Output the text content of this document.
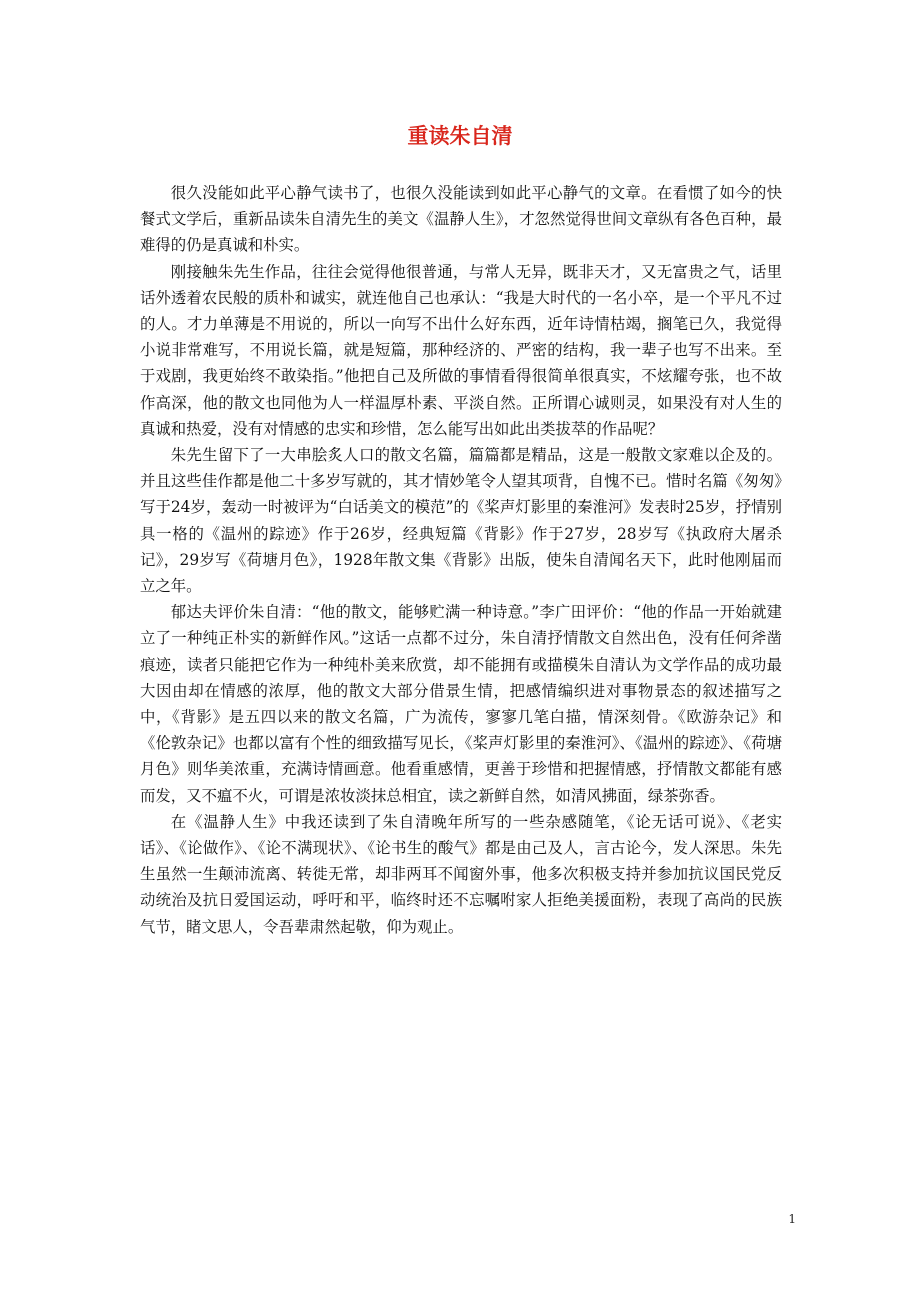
重读朱自清

很久没能如此平心静气读书了，也很久没能读到如此平心静气的文章。在看惯了如今的快餐式文学后，重新品读朱自清先生的美文《温静人生》，才忽然觉得世间文章纵有各色百种，最难得的仍是真诚和朴实。

刚接触朱先生作品，往往会觉得他很普通，与常人无异，既非天才，又无富贵之气，话里话外透着农民般的质朴和诚实，就连他自己也承认：“我是大时代的一名小卒，是一个平凡不过的人。才力单薄是不用说的，所以一向写不出什么好东西，近年诗情枯竭，搁笔已久，我觉得小说非常难写，不用说长篇，就是短篇，那种经济的、严密的结构，我一辈子也写不出来。至于戏剧，我更始终不敢染指。”他把自己及所做的事情看得很简单很真实，不炫耀夸张，也不故作高深，他的散文也同他为人一样温厚朴素、平淡自然。正所谓心诚则灵，如果没有对人生的真诚和热爱，没有对情感的忠实和珍惜，怎么能写出如此出类拔萃的作品呢？

朱先生留下了一大串脍炙人口的散文名篇，篇篇都是精品，这是一般散文家难以企及的。并且这些佳作都是他二十多岁写就的，其才情妙笔令人望其项背，自愧不已。惜时名篇《匆匆》写于24岁，轰动一时被评为“白话美文的模范”的《桨声灯影里的秦淮河》发表时25岁，抒情别具一格的《温州的踪迹》作于26岁，经典短篇《背影》作于27岁，28岁写《执政府大屠杀记》，29岁写《荷塘月色》，1928年散文集《背影》出版，使朱自清闻名天下，此时他刚届而立之年。

郁达夫评价朱自清：“他的散文，能够贮满一种诗意。”李广田评价：“他的作品一开始就建立了一种纯正朴实的新鲜作风。”这话一点都不过分，朱自清抒情散文自然出色，没有任何斧凿痕迹，读者只能把它作为一种纯朴美来欣赏，却不能拥有或描模朱自清认为文学作品的成功最大因由却在情感的浓厚，他的散文大部分借景生情，把感情编织进对事物景态的叙述描写之中，《背影》是五四以来的散文名篇，广为流传，寥寥几笔白描，情深刻骨。《欧游杂记》和《伦敦杂记》也都以富有个性的细致描写见长，《桨声灯影里的秦淮河》、《温州的踪迹》、《荷塘月色》则华美浓重，充满诗情画意。他看重感情，更善于珍惜和把握情感，抒情散文都能有感而发，又不瘟不火，可谓是浓妆淡抹总相宜，读之新鲜自然，如清风拂面，绿茶弥香。

在《温静人生》中我还读到了朱自清晚年所写的一些杂感随笔，《论无话可说》、《老实话》、《论做作》、《论不满现状》、《论书生的酸气》都是由己及人，言古论今，发人深思。朱先生虽然一生颠沛流离、转徙无常，却非两耳不闻窗外事，他多次积极支持并参加抗议国民党反动统治及抗日爱国运动，呼吁和平，临终时还不忘嘱咐家人拒绝美援面粉，表现了高尚的民族气节，睹文思人，令吾辈肃然起敬，仰为观止。

1
